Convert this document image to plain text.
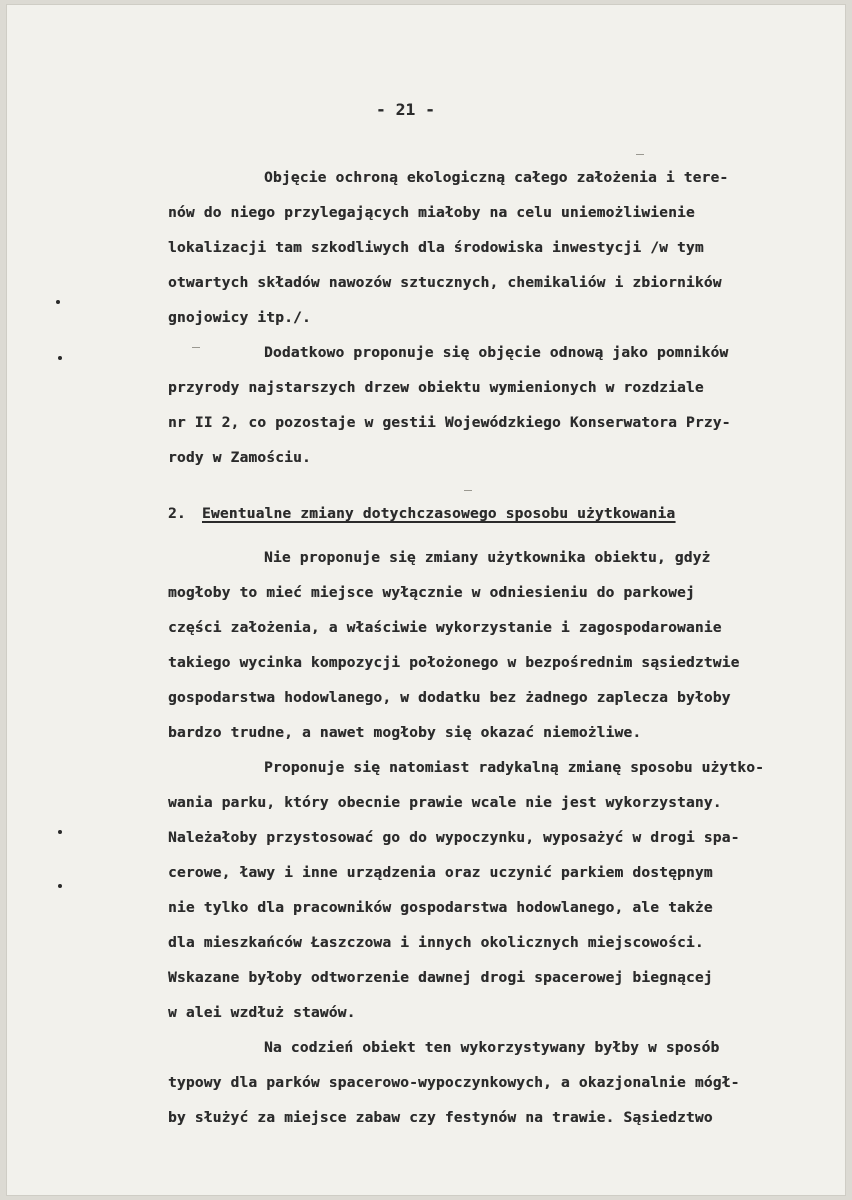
- 21 -
Objęcie ochroną ekologiczną całego założenia i tere-
nów do niego przylegających miałoby na celu uniemożliwienie
lokalizacji tam szkodliwych dla środowiska inwestycji /w tym
otwartych składów nawozów sztucznych, chemikaliów i zbiorników
gnojowicy itp./.
Dodatkowo proponuje się objęcie odnową jako pomników
przyrody najstarszych drzew obiektu wymienionych w rozdziale
nr II 2, co pozostaje w gestii Wojewódzkiego Konserwatora Przy-
rody w Zamościu.
2. Ewentualne zmiany dotychczasowego sposobu użytkowania
Nie proponuje się zmiany użytkownika obiektu, gdyż
mogłoby to mieć miejsce wyłącznie w odniesieniu do parkowej
części założenia, a właściwie wykorzystanie i zagospodarowanie
takiego wycinka kompozycji położonego w bezpośrednim sąsiedztwie
gospodarstwa hodowlanego, w dodatku bez żadnego zaplecza byłoby
bardzo trudne, a nawet mogłoby się okazać niemożliwe.
Proponuje się natomiast radykalną zmianę sposobu użytko-
wania parku, który obecnie prawie wcale nie jest wykorzystany.
Należałoby przystosować go do wypoczynku, wyposażyć w drogi spa-
cerowe, ławy i inne urządzenia oraz uczynić parkiem dostępnym
nie tylko dla pracowników gospodarstwa hodowlanego, ale także
dla mieszkańców Łaszczowa i innych okolicznych miejscowości.
Wskazane byłoby odtworzenie dawnej drogi spacerowej biegnącej
w alei wzdłuż stawów.
Na codzień obiekt ten wykorzystywany byłby w sposób
typowy dla parków spacerowo-wypoczynkowych, a okazjonalnie mógł-
by służyć za miejsce zabaw czy festynów na trawie. Sąsiedztwo
